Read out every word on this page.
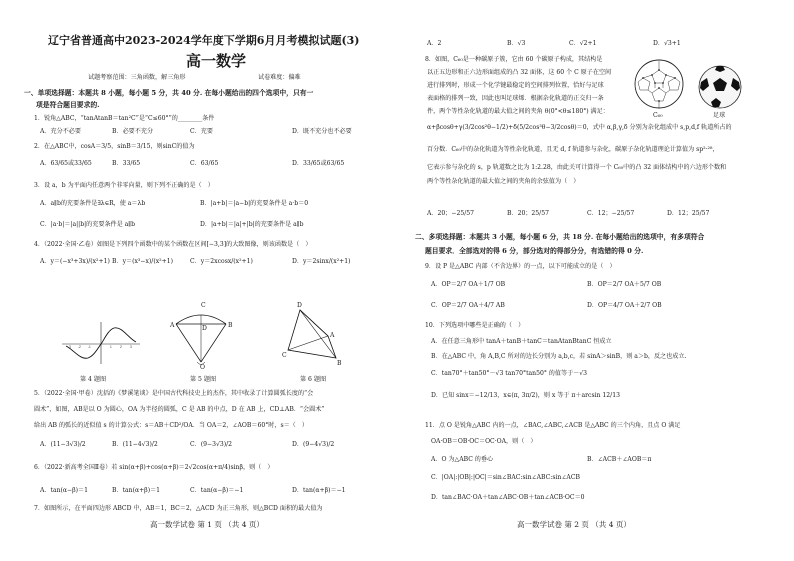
辽宁省普通高中2023-2024学年度下学期6月月考模拟试题(3)
高一数学
试题考察范围：三角函数，解三角形	试卷难度：偏难
一、单项选择题：本题共 8 小题，每小题 5 分，共 40 分. 在每小题给出的四个选项中，只有一
项是符合题目要求的.
1．锐角△ABC，“tanAtanB＝tan²C”是“C≤60°”的________条件
A．充分不必要	B．必要不充分	C．充要	D．既不充分也不必要
2．在△ABC中，cosA＝3/5，sinB＝3/15，则sinC的值为
A．63/65或33/65	B．33/65	C．63/65	D．33/65或63/65
3．设 a，b 为平面内任意两个非零向量，则下列不正确的是（　）
A．a∥b的充要条件是∃λ∈R，使 a＝λb	B．|a+b|＝|a−b|的充要条件是 a·b＝0
C．|a·b|＝|a||b|的充要条件是 a∥b	D．|a+b|＝|a|+|b|的充要条件是 a∥b
4．（2022·全国·乙卷）如图是下列四个函数中的某个函数在区间[−3,3]的大致图像，则该函数是（　）
A．y＝(−x³+3x)/(x²+1) B．y＝(x³−x)/(x²+1)	C．y＝2xcosx/(x²+1)	D．y＝2sinx/(x²+1)
-3 -2 -1	1	2	3
第 4 题图
C
A	B
D
O
第 5 题图
D
A
C
B
第 6 题图
5．（2022·全国·甲卷）沈括的《梦溪笔谈》是中国古代科技史上的杰作，其中收录了计算圆弧长度的“会
圆术”，如图，AB是以 O 为圆心，OA 为半径的圆弧，C 是 AB 的中点，D 在 AB 上，CD⊥AB．“会圆术”
给出 AB 的弧长的近似值 s 的计算公式：s＝AB＋CD²/OA．当 OA＝2，∠AOB＝60°时，s＝（　）
A．(11−3√3)/2	B．(11−4√3)/2	C．(9−3√3)/2	D．(9−4√3)/2
6．（2022·新高考全国Ⅱ卷）若 sin(α+β)+cos(α+β)＝2√2cos(α+π/4)sinβ，则（　）
A．tan(α−β)＝1	B．tan(α+β)＝1	C．tan(α−β)＝−1	D．tan(α+β)＝−1
7．如图所示，在平面四边形 ABCD 中，AB＝1，BC＝2，△ACD 为正三角形，则△BCD 面积的最大值为
高一数学试卷 第 1 页 （共 4 页）
A．2	B．√3	C．√2+1	D．√3+1
8．如图，C₆₀是一种碳原子簇，它由 60 个碳原子构成，其结构是
以正五边形和正六边形面组成的凸 32 面体，这 60 个 C 原子在空间
进行排列时，形成一个化学键最稳定的空间排列位置，恰好与足球
表面格的排列一致，因此也叫足球烯．根据杂化轨道的正交归一条
件，两个等性杂化轨道的最大值之间的夹角 θ(0°<θ≤180°) 满足：
C₆₀	足球
α+βcosθ+γ(3/2cos²θ−1/2)+δ(5/2cos³θ−3/2cosθ)＝0，式中 α,β,γ,δ 分别为杂化组成中 s,p,d,f 轨道所占的
百分数．C₆₀中的杂化轨道为等性杂化轨道，且无 d, f 轨道参与杂化，碳原子杂化轨道理论计算值为 sp²·²⁸，
它表示参与杂化的 s，p 轨道数之比为 1:2.28，由此关可计算得一个 C₆₀中的凸 32 面体结构中的六边形个数和
两个等性杂化轨道的最大值之间的夹角的余弦值为（　）
A．20；−25/57	B．20；25/57	C．12；−25/57	D．12；25/57
二、多项选择题：本题共 3 小题，每小题 6 分，共 18 分. 在每小题给出的选项中，有多项符合
题目要求．全部选对的得 6 分，部分选对的得部分分，有选错的得 0 分.
9．设 P 是△ABC 内部（不含边界）的一点，以下可能成立的是（　）
A．OP＝2/7 OA＋1/7 OB	B．OP＝2/7 OA＋5/7 OB
C．OP＝2/7 OA＋4/7 AB	D．OP＝4/7 OA＋2/7 OB
10．下列选项中哪些是正确的（　）
A．在任意三角形中 tanA＋tanB＋tanC＝tanAtanBtanC 恒成立
B．在△ABC 中，角 A,B,C 所对的边长分别为 a,b,c，若 sinA＞sinB，则 a＞b，反之也成立.
C．tan70°＋tan50°－√3 tan70°tan50° 的值等于－√3
D．已知 sinx＝−12/13，x∈(π, 3π/2)，则 x 等于 π＋arcsin 12/13
11．点 O 是锐角△ABC 内的一点，∠BAC,∠ABC,∠ACB 是△ABC 的三个内角，且点 O 满足
OA·OB＝OB·OC＝OC·OA，则（　）
A．O 为△ABC 的垂心	B．∠ACB＋∠AOB＝π
C．|OA|:|OB|:|OC|＝sin∠BAC:sin∠ABC:sin∠ACB
D．tan∠BAC·OA＋tan∠ABC·OB＋tan∠ACB·OC＝0
高一数学试卷 第 2 页 （共 4 页）
